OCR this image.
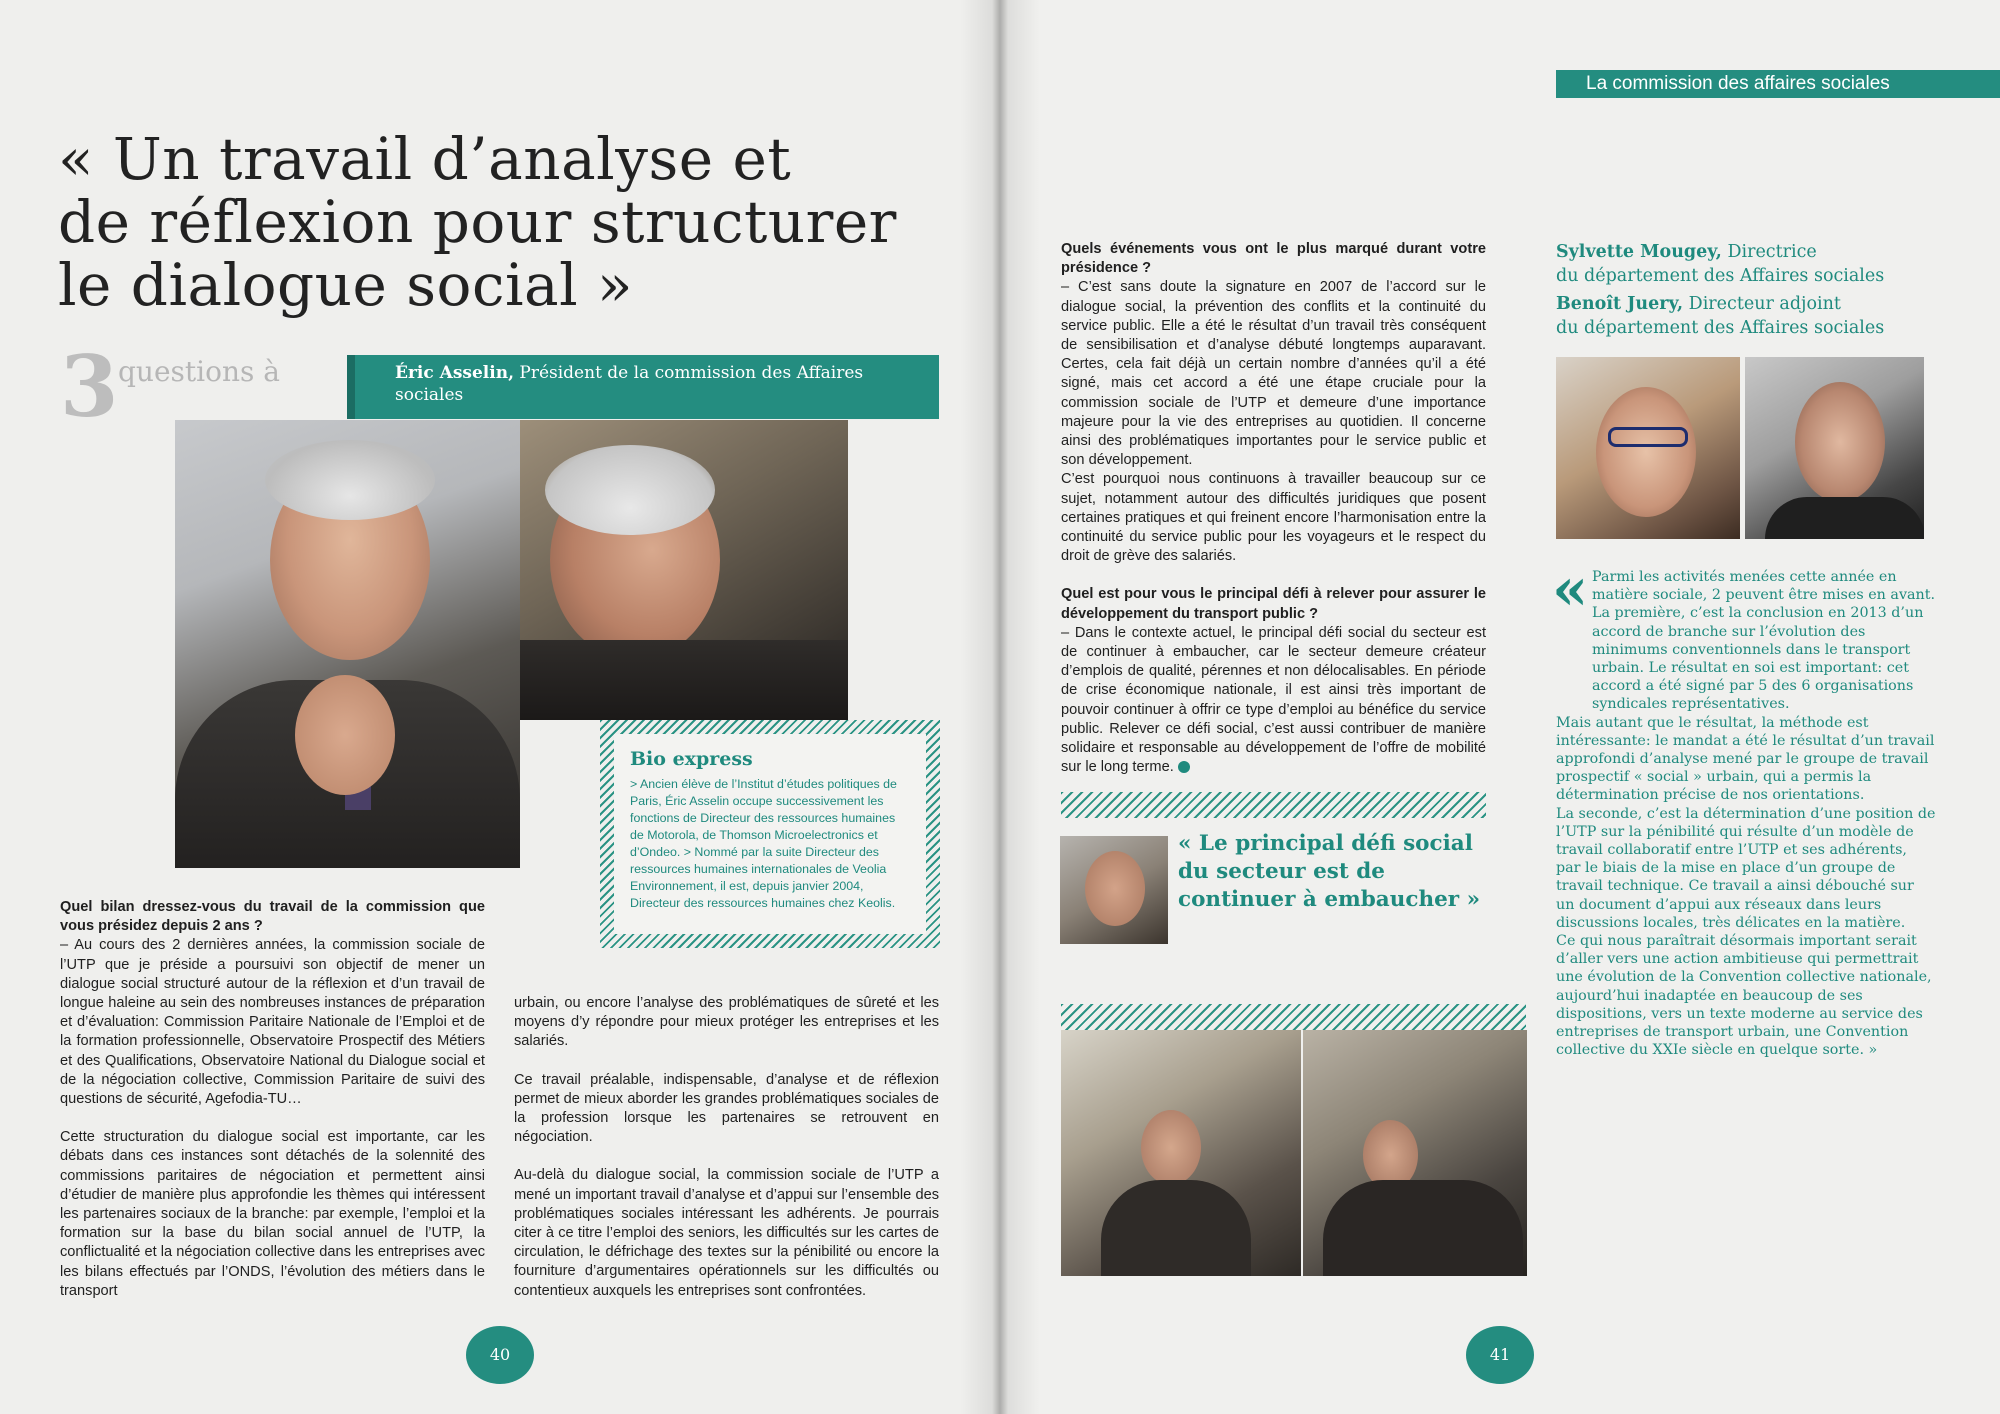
« Un travail d’analyse et
de réflexion pour structurer
le dialogue social »
3 questions à	Éric Asselin, Président de la commission des Affaires sociales
Bio express
> Ancien élève de l’Institut d’études politiques de Paris, Éric Asselin occupe successivement les fonctions de Directeur des ressources humaines de Motorola, de Thomson Microelectronics et d’Ondeo. > Nommé par la suite Directeur des ressources humaines internationales de Veolia Environnement, il est, depuis janvier 2004, Directeur des ressources humaines chez Keolis.
Quel bilan dressez-vous du travail de la commission que vous présidez depuis 2 ans ?

– Au cours des 2 dernières années, la commission sociale de l’UTP que je préside a poursuivi son objectif de mener un dialogue social structuré autour de la réflexion et d’un travail de longue haleine au sein des nombreuses instances de préparation et d’évaluation: Commission Paritaire Nationale de l’Emploi et de la formation professionnelle, Observatoire Prospectif des Métiers et des Qualifications, Observatoire National du Dialogue social et de la négociation collective, Commission Paritaire de suivi des questions de sécurité, Agefodia-TU…

Cette structuration du dialogue social est importante, car les débats dans ces instances sont détachés de la solennité des commissions paritaires de négociation et permettent ainsi d’étudier de manière plus approfondie les thèmes qui intéressent les partenaires sociaux de la branche: par exemple, l’emploi et la formation sur la base du bilan social annuel de l’UTP, la conflictualité et la négociation collective dans les entreprises avec les bilans effectués par l’ONDS, l’évolution des métiers dans le transport

urbain, ou encore l’analyse des problématiques de sûreté et les moyens d’y répondre pour mieux protéger les entreprises et les salariés.

Ce travail préalable, indispensable, d’analyse et de réflexion permet de mieux aborder les grandes problématiques sociales de la profession lorsque les partenaires se retrouvent en négociation.

Au-delà du dialogue social, la commission sociale de l’UTP a mené un important travail d’analyse et d’appui sur l’ensemble des problématiques sociales intéressant les adhérents. Je pourrais citer à ce titre l’emploi des seniors, les difficultés sur les cartes de circulation, le défrichage des textes sur la pénibilité ou encore la fourniture d’argumentaires opérationnels sur les difficultés ou contentieux auxquels les entreprises sont confrontées.

40
Quels événements vous ont le plus marqué durant votre présidence ?
– C’est sans doute la signature en 2007 de l’accord sur le dialogue social, la prévention des conflits et la continuité du service public. Elle a été le résultat d’un travail très conséquent de sensibilisation et d’analyse débuté longtemps auparavant. Certes, cela fait déjà un certain nombre d’années qu’il a été signé, mais cet accord a été une étape cruciale pour la commission sociale de l’UTP et demeure d’une importance majeure pour la vie des entreprises au quotidien. Il concerne ainsi des problématiques importantes pour le service public et son développement.

C’est pourquoi nous continuons à travailler beaucoup sur ce sujet, notamment autour des difficultés juridiques que posent certaines pratiques et qui freinent encore l’harmonisation entre la continuité du service public pour les voyageurs et le respect du droit de grève des salariés.

Quel est pour vous le principal défi à relever pour assurer le développement du transport public ?
– Dans le contexte actuel, le principal défi social du secteur est de continuer à embaucher, car le secteur demeure créateur d’emplois de qualité, pérennes et non délocalisables. En période de crise économique nationale, il est ainsi très important de pouvoir continuer à offrir ce type d’emploi au bénéfice du service public. Relever ce défi social, c’est aussi contribuer de manière solidaire et responsable au développement de l’offre de mobilité sur le long terme.
« Le principal défi social du secteur est de continuer à embaucher »
La commission des affaires sociales
Sylvette Mougey, Directrice
du département des Affaires sociales
Benoît Juery, Directeur adjoint
du département des Affaires sociales
« Parmi les activités menées cette année en matière sociale, 2 peuvent être mises en avant. La première, c’est la conclusion en 2013 d’un accord de branche sur l’évolution des minimums conventionnels dans le transport urbain. Le résultat en soi est important: cet accord a été signé par 5 des 6 organisations syndicales représentatives.
Mais autant que le résultat, la méthode est intéressante: le mandat a été le résultat d’un travail approfondi d’analyse mené par le groupe de travail prospectif « social » urbain, qui a permis la détermination précise de nos orientations.
La seconde, c’est la détermination d’une position de l’UTP sur la pénibilité qui résulte d’un modèle de travail collaboratif entre l’UTP et ses adhérents, par le biais de la mise en place d’un groupe de travail technique. Ce travail a ainsi débouché sur un document d’appui aux réseaux dans leurs discussions locales, très délicates en la matière.
Ce qui nous paraîtrait désormais important serait d’aller vers une action ambitieuse qui permettrait une évolution de la Convention collective nationale, aujourd’hui inadaptée en beaucoup de ses dispositions, vers un texte moderne au service des entreprises de transport urbain, une Convention collective du XXIe siècle en quelque sorte. »
41
